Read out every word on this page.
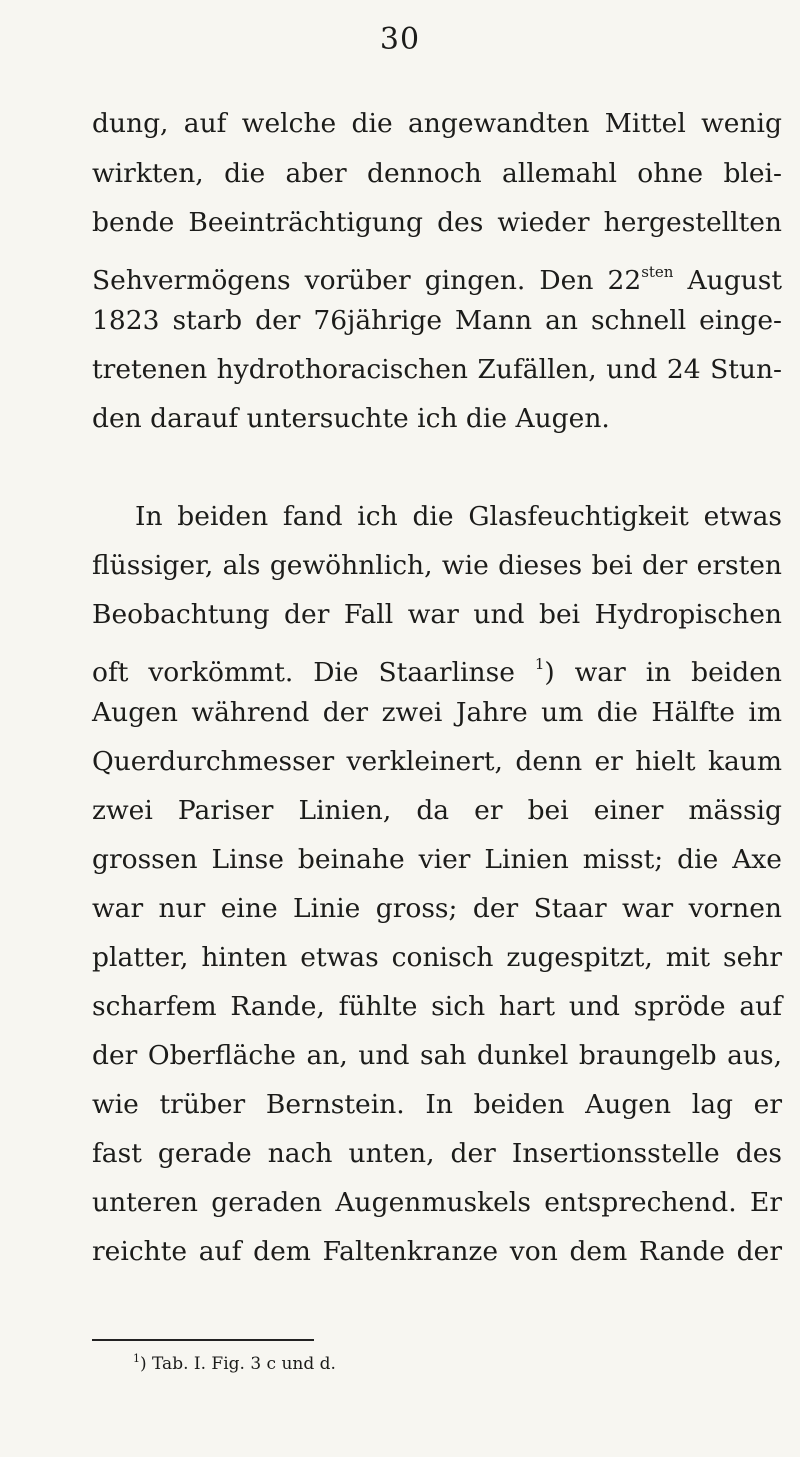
30
dung, auf welche die angewandten Mittel wenig
wirkten, die aber dennoch allemahl ohne blei-
bende Beeinträchtigung des wieder hergestellten
Sehvermögens vorüber gingen. Den $22^{sten}$ August
1823 starb der 76jährige Mann an schnell einge-
tretenen hydrothoracischen Zufällen, und 24 Stun-
den darauf untersuchte ich die Augen.
In beiden fand ich die Glasfeuchtigkeit etwas
flüssiger, als gewöhnlich, wie dieses bei der ersten
Beobachtung der Fall war und bei Hydropischen
oft vorkömmt. Die Staarlinse $^1$) war in beiden
Augen während der zwei Jahre um die Hälfte im
Querdurchmesser verkleinert, denn er hielt kaum
zwei Pariser Linien, da er bei einer mässig
grossen Linse beinahe vier Linien misst; die Axe
war nur eine Linie gross; der Staar war vornen
platter, hinten etwas conisch zugespitzt, mit sehr
scharfem Rande, fühlte sich hart und spröde auf
der Oberfläche an, und sah dunkel braungelb aus,
wie trüber Bernstein. In beiden Augen lag er
fast gerade nach unten, der Insertionsstelle des
unteren geraden Augenmuskels entsprechend. Er
reichte auf dem Faltenkranze von dem Rande der
$^1$) Tab. I. Fig. 3 c und d.
